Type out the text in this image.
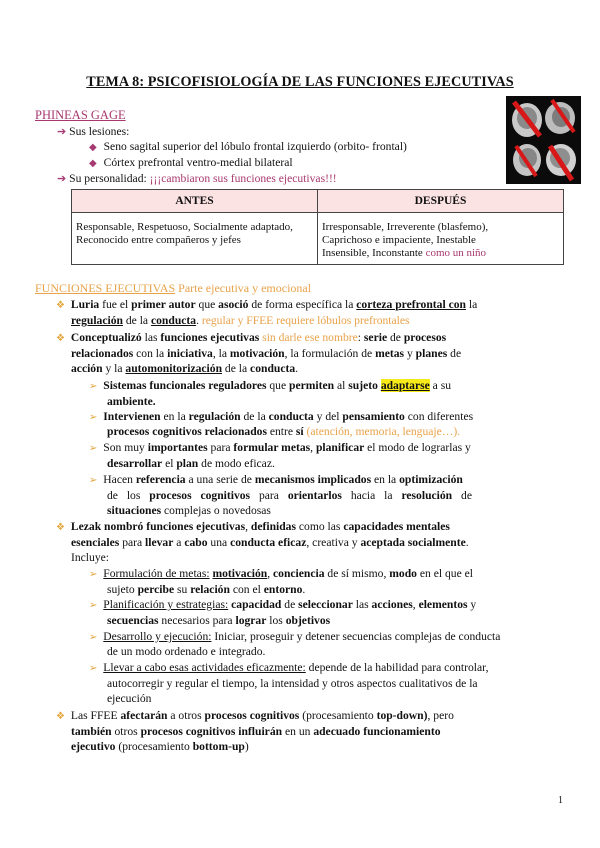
TEMA 8: PSICOFISIOLOGÍA DE LAS FUNCIONES EJECUTIVAS
PHINEAS GAGE
➔ Sus lesiones:
◆ Seno sagital superior del lóbulo frontal izquierdo (orbito- frontal)
◆ Córtex prefrontal ventro-medial bilateral
➔ Su personalidad: ¡¡¡cambiaron sus funciones ejecutivas!!!
ANTES	DESPUÉS
Responsable, Respetuoso, Socialmente adaptado, Reconocido entre compañeros y jefes	Irresponsable, Irreverente (blasfemo),
Caprichoso e impaciente, Inestable
Insensible, Inconstante como un niño
FUNCIONES EJECUTIVAS Parte ejecutiva y emocional
❖ Luria fue el primer autor que asoció de forma específica la corteza prefrontal con la
regulación de la conducta. regular y FFEE requiere lóbulos prefrontales
❖ Conceptualizó las funciones ejecutivas sin darle ese nombre: serie de procesos
relacionados con la iniciativa, la motivación, la formulación de metas y planes de
acción y la automonitorización de la conducta.
➢ Sistemas funcionales reguladores que permiten al sujeto adaptarse a su
ambiente.
➢ Intervienen en la regulación de la conducta y del pensamiento con diferentes
procesos cognitivos relacionados entre sí (atención, memoria, lenguaje…).
➢ Son muy importantes para formular metas, planificar el modo de lograrlas y
desarrollar el plan de modo eficaz.
➢ Hacen referencia a una serie de mecanismos implicados en la optimización
de los procesos cognitivos para orientarlos hacia la resolución de
situaciones complejas o novedosas
❖ Lezak nombró funciones ejecutivas, definidas como las capacidades mentales
esenciales para llevar a cabo una conducta eficaz, creativa y aceptada socialmente.
Incluye:
➢ Formulación de metas: motivación, conciencia de sí mismo, modo en el que el
sujeto percibe su relación con el entorno.
➢ Planificación y estrategias: capacidad de seleccionar las acciones, elementos y
secuencias necesarios para lograr los objetivos
➢ Desarrollo y ejecución: Iniciar, proseguir y detener secuencias complejas de conducta
de un modo ordenado e integrado.
➢ Llevar a cabo esas actividades eficazmente: depende de la habilidad para controlar,
autocorregir y regular el tiempo, la intensidad y otros aspectos cualitativos de la
ejecución
❖ Las FFEE afectarán a otros procesos cognitivos (procesamiento top-down), pero
también otros procesos cognitivos influirán en un adecuado funcionamiento
ejecutivo (procesamiento bottom-up)
1
